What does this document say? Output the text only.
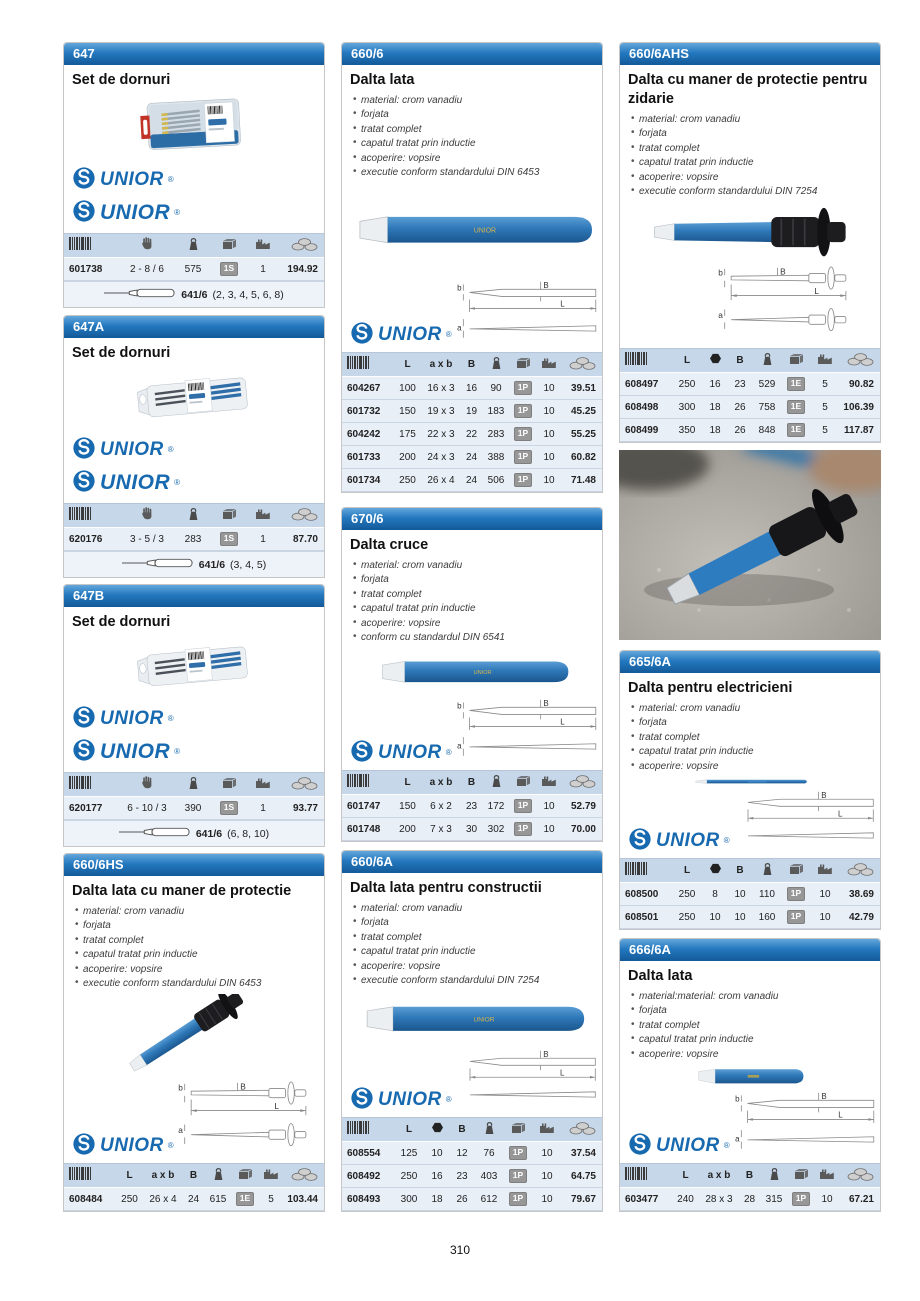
647
Set de dornuri
UNIOR ®
UNIOR ®

601738	2 - 8 / 6	575	1S	1	194.92
641/6 (2, 3, 4, 5, 6, 8)
647A
Set de dornuri
UNIOR ®
UNIOR ®

620176	3 - 5 / 3	283	1S	1	87.70
641/6 (3, 4, 5)
647B
Set de dornuri
UNIOR ®
UNIOR ®

620177	6 - 10 / 3	390	1S	1	93.77
641/6 (6, 8, 10)
660/6HS
Dalta lata cu maner de protectie
• material: crom vanadiu
• forjata
• tratat complet
• capatul tratat prin inductie
• acoperire: vopsire
• executie conform standardului DIN 6453
UNIOR ®
b	B
L
a
	L	a x b	B				
608484	250	26 x 4	24	615	1E	5	103.44
660/6
Dalta lata
• material: crom vanadiu
• forjata
• tratat complet
• capatul tratat prin inductie
• acoperire: vopsire
• executie conform standardului DIN 6453
UNIOR
UNIOR ®
b	B
L
a
	L	a x b	B				
604267	100	16 x 3	16	90	1P	10	39.51
601732	150	19 x 3	19	183	1P	10	45.25
604242	175	22 x 3	22	283	1P	10	55.25
601733	200	24 x 3	24	388	1P	10	60.82
601734	250	26 x 4	24	506	1P	10	71.48
670/6
Dalta cruce
• material: crom vanadiu
• forjata
• tratat complet
• capatul tratat prin inductie
• acoperire: vopsire
• conform cu standardul DIN 6541
UNIOR
UNIOR ®
b	B
L
a
	L	a x b	B				
601747	150	6 x 2	23	172	1P	10	52.79
601748	200	7 x 3	30	302	1P	10	70.00
660/6A
Dalta lata pentru constructii
• material: crom vanadiu
• forjata
• tratat complet
• capatul tratat prin inductie
• acoperire: vopsire
• executie conform standardului DIN 7254
UNIOR
UNIOR ®
B
L
	L		B				
608554	125	10	12	76	1P	10	37.54
608492	250	16	23	403	1P	10	64.75
608493	300	18	26	612	1P	10	79.67
660/6AHS
Dalta cu maner de protectie pentru zidarie
• material: crom vanadiu
• forjata
• tratat complet
• capatul tratat prin inductie
• acoperire: vopsire
• executie conform standardului DIN 7254
b	B
L
a
	L		B				
608497	250	16	23	529	1E	5	90.82
608498	300	18	26	758	1E	5	106.39
608499	350	18	26	848	1E	5	117.87
665/6A
Dalta pentru electricieni
• material: crom vanadiu
• forjata
• tratat complet
• capatul tratat prin inductie
• acoperire: vopsire
UNIOR ®
B
L
	L		B				
608500	250	8	10	110	1P	10	38.69
608501	250	10	10	160	1P	10	42.79
666/6A
Dalta lata
• material:material: crom vanadiu
• forjata
• tratat complet
• capatul tratat prin inductie
• acoperire: vopsire
UNIOR ®
b	B
L
a
	L	a x b	B				
603477	240	28 x 3	28	315	1P	10	67.21
310
